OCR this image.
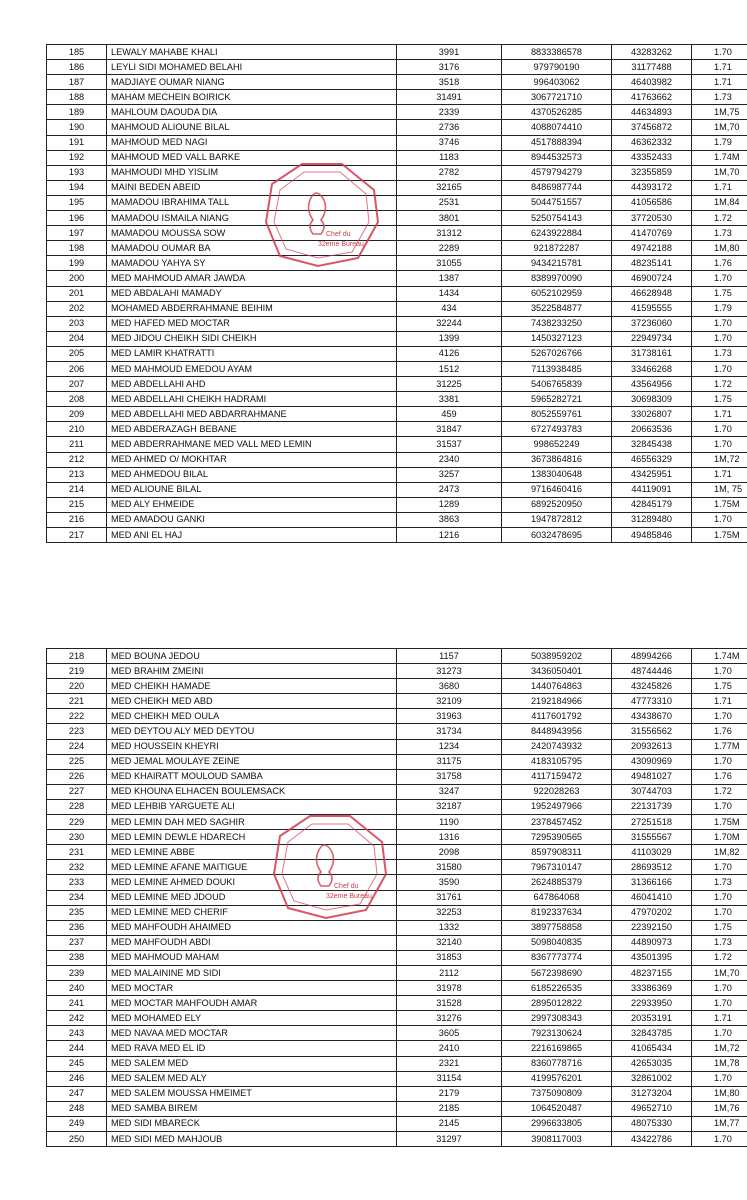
185	LEWALY MAHABE KHALI	3991	8833386578	43283262	1.70
186	LEYLI SIDI MOHAMED BELAHI	3176	979790190	31177488	1.71
187	MADJIAYE OUMAR NIANG	3518	996403062	46403982	1.71
188	MAHAM MECHEIN BOIRICK	31491	3067721710	41763662	1.73
189	MAHLOUM DAOUDA DIA	2339	4370526285	44634893	1M,75
190	MAHMOUD ALIOUNE BILAL	2736	4088074410	37456872	1M,70
191	MAHMOUD MED NAGI	3746	4517888394	46362332	1.79
192	MAHMOUD MED VALL BARKE	1183	8944532573	43352433	1.74M
193	MAHMOUDI MHD YISLIM	2782	4579794279	32355859	1M,70
194	MAINI BEDEN ABEID	32165	8486987744	44393172	1.71
195	MAMADOU IBRAHIMA TALL	2531	5044751557	41056586	1M,84
196	MAMADOU ISMAILA NIANG	3801	5250754143	37720530	1.72
197	MAMADOU MOUSSA SOW	31312	6243922884	41470769	1.73
198	MAMADOU OUMAR BA	2289	921872287	49742188	1M,80
199	MAMADOU YAHYA SY	31055	9434215781	48235141	1.76
200	MED MAHMOUD AMAR JAWDA	1387	8389970090	46900724	1.70
201	MED ABDALAHI MAMADY	1434	6052102959	46628948	1.75
202	MOHAMED ABDERRAHMANE BEIHIM	434	3522584877	41595555	1.79
203	MED HAFED MED MOCTAR	32244	7438233250	37236060	1.70
204	MED JIDOU CHEIKH SIDI CHEIKH	1399	1450327123	22949734	1.70
205	MED LAMIR KHATRATTI	4126	5267026766	31738161	1.73
206	MED MAHMOUD EMEDOU AYAM	1512	7113938485	33466268	1.70
207	MED ABDELLAHI AHD	31225	5406765839	43564956	1.72
208	MED ABDELLAHI CHEIKH HADRAMI	3381	5965282721	30698309	1.75
209	MED ABDELLAHI MED ABDARRAHMANE	459	8052559761	33026807	1.71
210	MED ABDERAZAGH BEBANE	31847	6727493783	20663536	1.70
211	MED ABDERRAHMANE MED VALL MED LEMIN	31537	998652249	32845438	1.70
212	MED AHMED O/ MOKHTAR	2340	3673864816	46556329	1M,72
213	MED AHMEDOU BILAL	3257	1383040648	43425951	1.71
214	MED ALIOUNE BILAL	2473	9716460416	44119091	1M, 75
215	MED ALY EHMEIDE	1289	6892520950	42845179	1.75M
216	MED AMADOU GANKI	3863	1947872812	31289480	1.70
217	MED ANI EL HAJ	1216	6032478695	49485846	1.75M
218	MED BOUNA JEDOU	1157	5038959202	48994266	1.74M
219	MED BRAHIM ZMEINI	31273	3436050401	48744446	1.70
220	MED CHEIKH HAMADE	3680	1440764863	43245826	1.75
221	MED CHEIKH MED ABD	32109	2192184966	47773310	1.71
222	MED CHEIKH MED OULA	31963	4117601792	43438670	1.70
223	MED DEYTOU ALY MED DEYTOU	31734	8448943956	31556562	1.76
224	MED HOUSSEIN KHEYRI	1234	2420743932	20932613	1.77M
225	MED JEMAL MOULAYE ZEINE	31175	4183105795	43090969	1.70
226	MED KHAIRATT MOULOUD SAMBA	31758	4117159472	49481027	1.76
227	MED KHOUNA ELHACEN BOULEMSACK	3247	922028263	30744703	1.72
228	MED LEHBIB YARGUETE ALI	32187	1952497966	22131739	1.70
229	MED LEMIN DAH MED SAGHIR	1190	2378457452	27251518	1.75M
230	MED LEMIN DEWLE HDARECH	1316	7295390565	31555567	1.70M
231	MED LEMINE ABBE	2098	8597908311	41103029	1M,82
232	MED LEMINE AFANE MAITIGUE	31580	7967310147	28693512	1.70
233	MED LEMINE AHMED DOUKI	3590	2624885379	31366166	1.73
234	MED LEMINE MED JDOUD	31761	647864068	46041410	1.70
235	MED LEMINE MED CHERIF	32253	8192337634	47970202	1.70
236	MED MAHFOUDH AHAIMED	1332	3897758858	22392150	1.75
237	MED MAHFOUDH ABDI	32140	5098040835	44890973	1.73
238	MED MAHMOUD MAHAM	31853	8367773774	43501395	1.72
239	MED MALAININE MD SIDI	2112	5672398690	48237155	1M,70
240	MED MOCTAR	31978	6185226535	33386369	1.70
241	MED MOCTAR MAHFOUDH AMAR	31528	2895012822	22933950	1.70
242	MED MOHAMED ELY	31276	2997308343	20353191	1.71
243	MED NAVAA MED MOCTAR	3605	7923130624	32843785	1.70
244	MED RAVA MED EL ID	2410	2216169865	41065434	1M,72
245	MED SALEM MED	2321	8360778716	42653035	1M,78
246	MED SALEM MED ALY	31154	4199576201	32861002	1.70
247	MED SALEM MOUSSA HMEIMET	2179	7375090809	31273204	1M,80
248	MED SAMBA BIREM	2185	1064520487	49652710	1M,76
249	MED SIDI MBARECK	2145	2996633805	48075330	1M,77
250	MED SIDI MED MAHJOUB	31297	3908117003	43422786	1.70
Chef du
32eme Bureau
Chef du
32eme Bureau
